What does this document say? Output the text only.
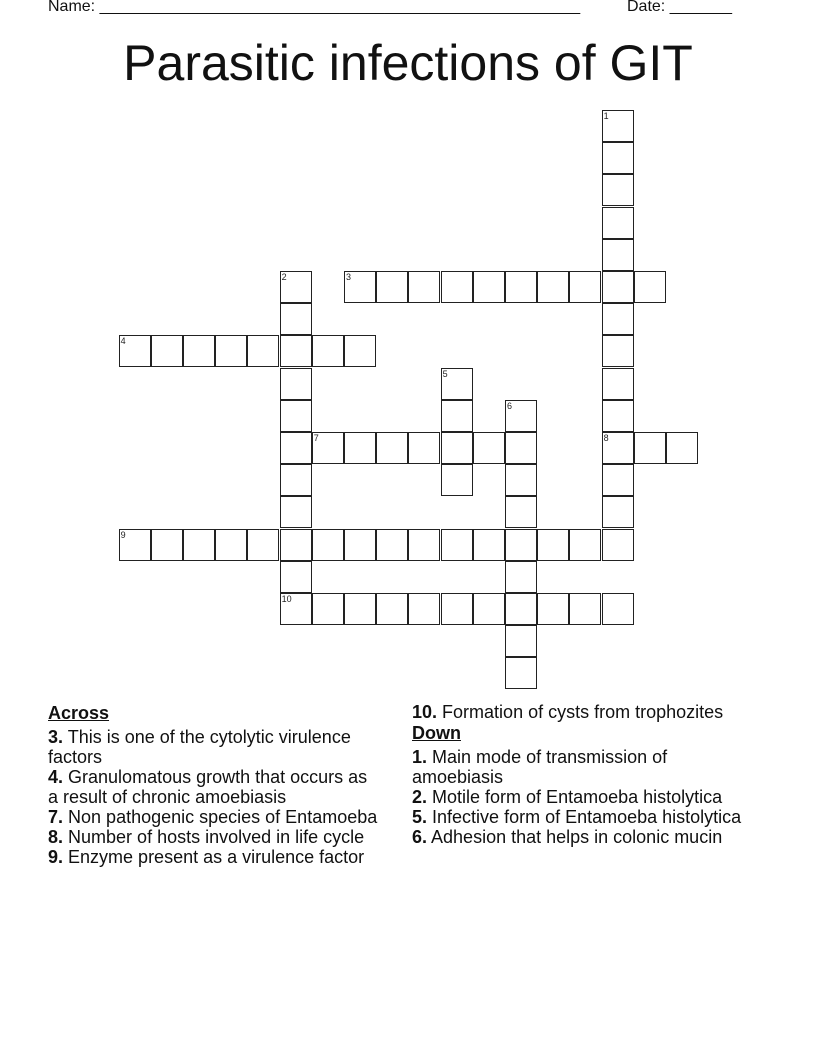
Name: ______________________________________________________	Date: _______
Parasitic infections of GIT
1
8
2
10
3
4
5
6
7
9
Across
3. This is one of the cytolytic virulence factors
4. Granulomatous growth that occurs as a result of chronic amoebiasis
7. Non pathogenic species of Entamoeba
8. Number of hosts involved in life cycle
9. Enzyme present as a virulence factor
10. Formation of cysts from trophozites
Down
1. Main mode of transmission of amoebiasis
2. Motile form of Entamoeba histolytica
5. Infective form of Entamoeba histolytica
6. Adhesion that helps in colonic mucin
